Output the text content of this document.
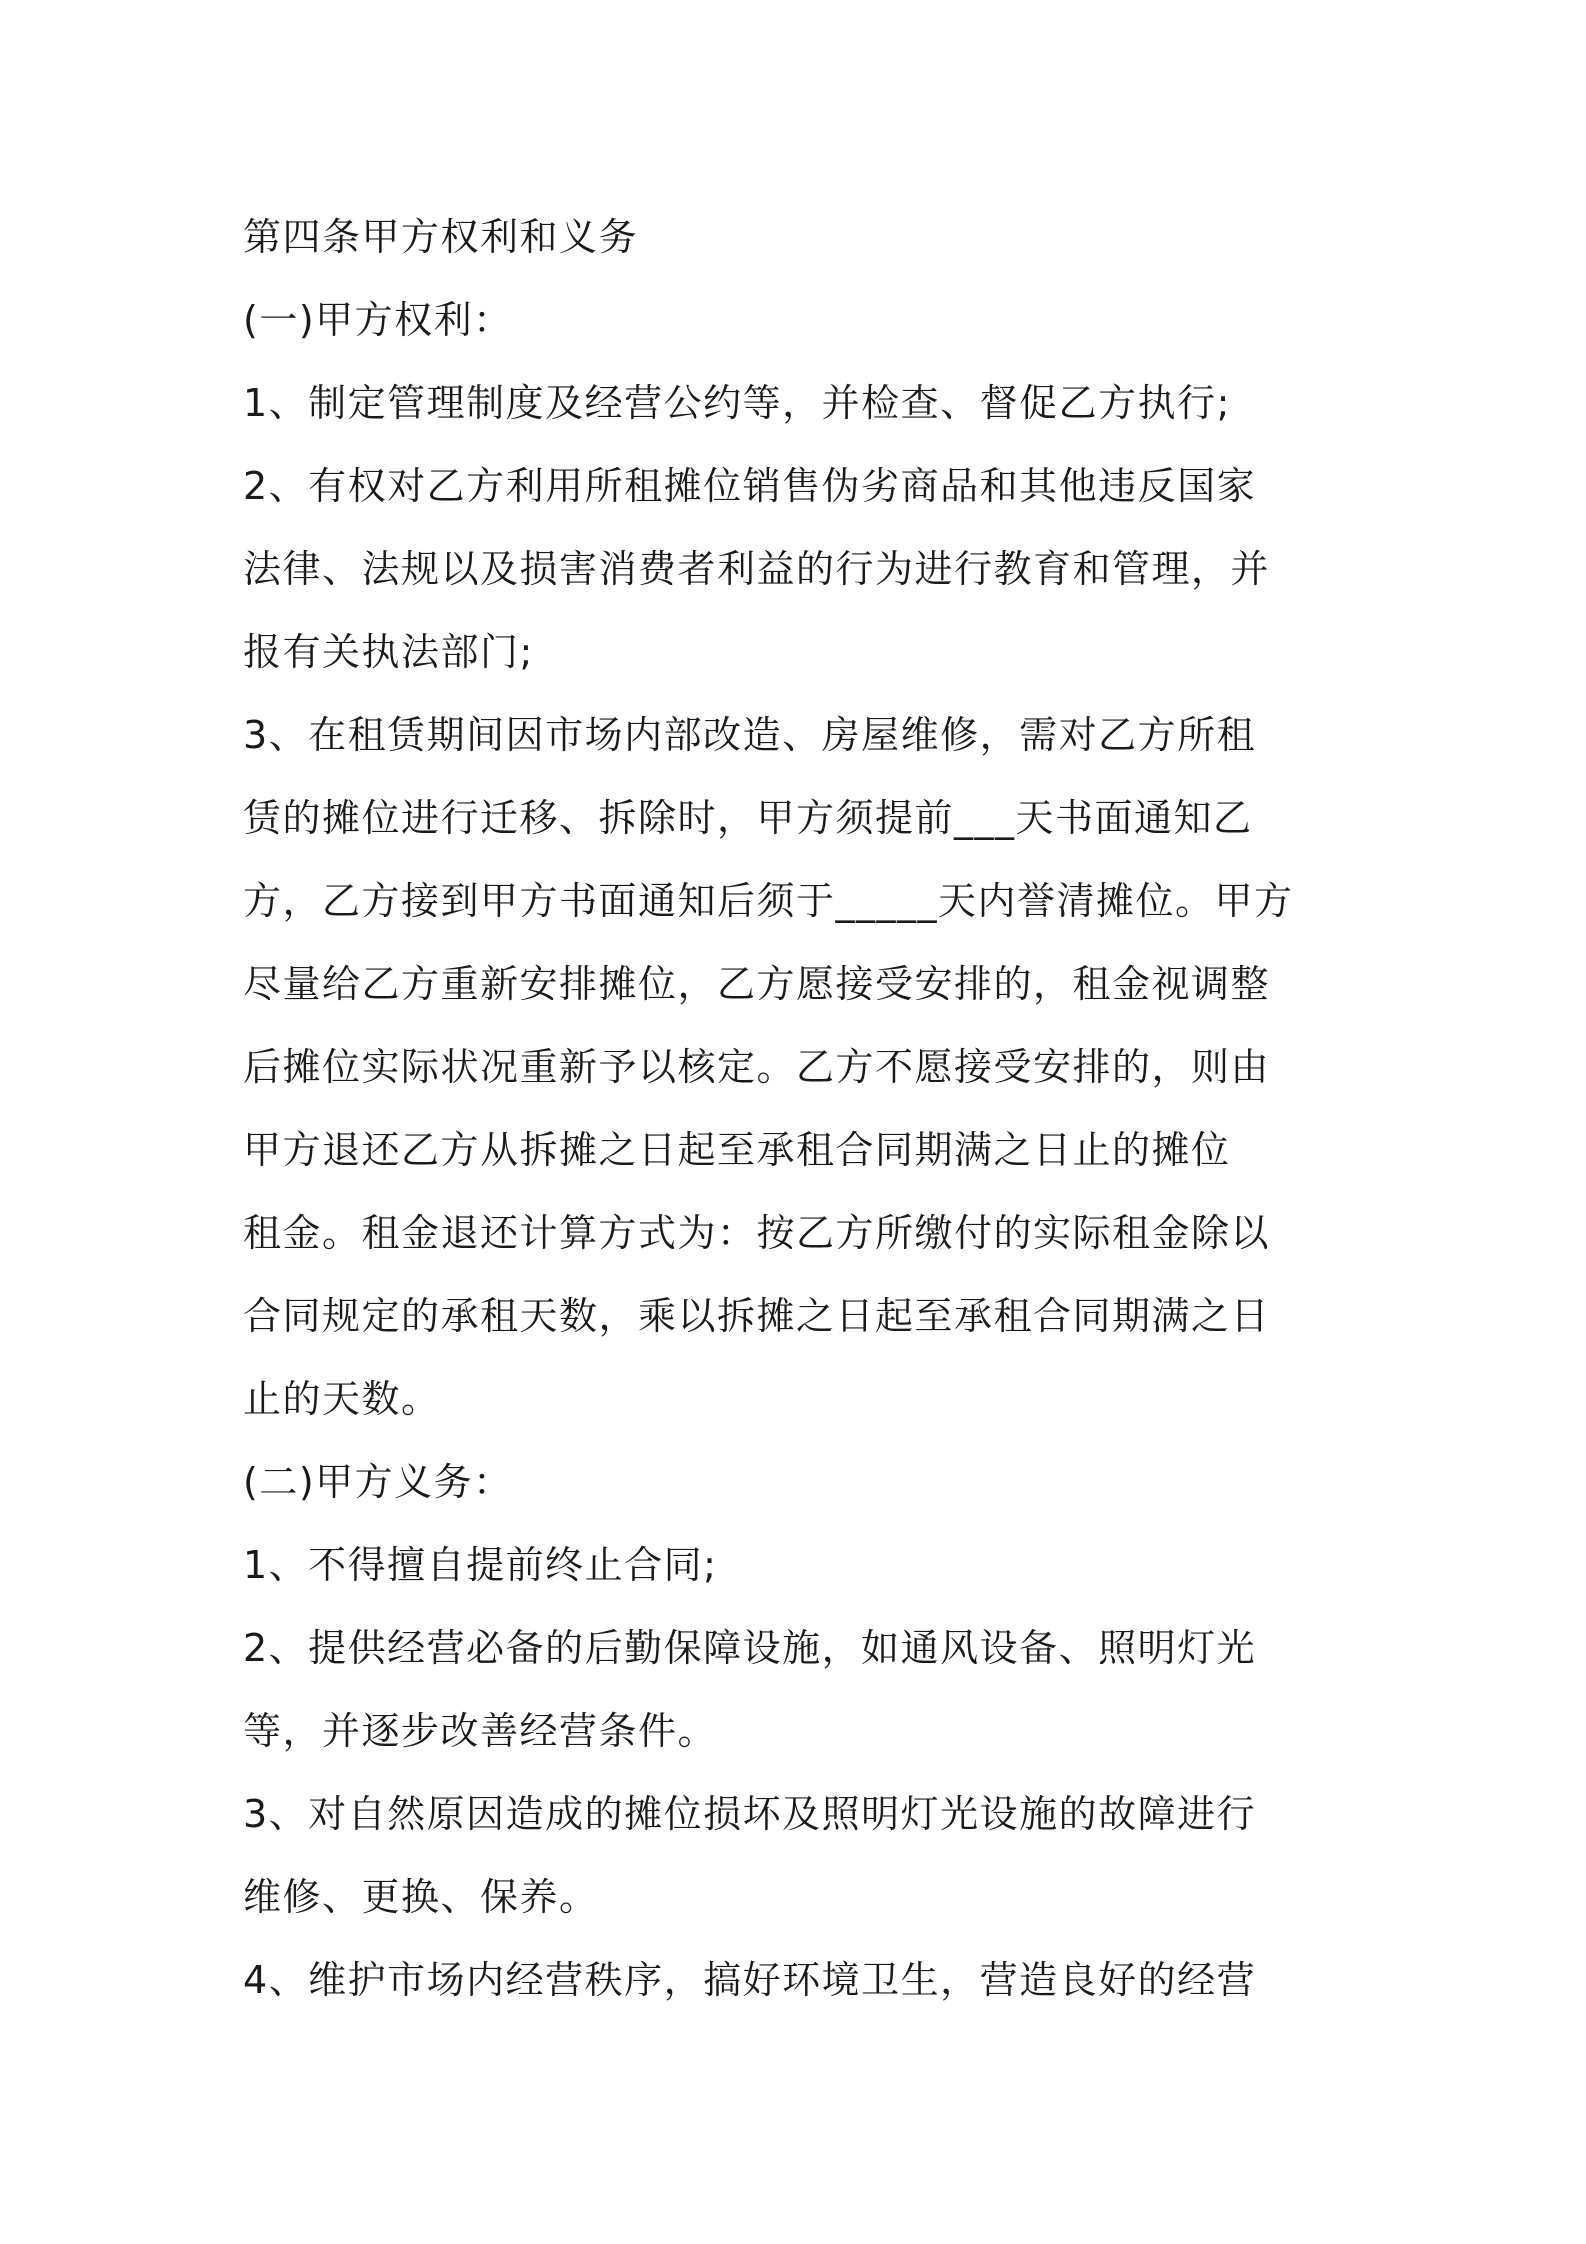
第四条甲方权利和义务
(一)甲方权利：
1、制定管理制度及经营公约等，并检查、督促乙方执行;
2、有权对乙方利用所租摊位销售伪劣商品和其他违反国家
法律、法规以及损害消费者利益的行为进行教育和管理，并
报有关执法部门;
3、在租赁期间因市场内部改造、房屋维修，需对乙方所租
赁的摊位进行迁移、拆除时，甲方须提前___天书面通知乙
方，乙方接到甲方书面通知后须于_____天内誉清摊位。甲方
尽量给乙方重新安排摊位，乙方愿接受安排的，租金视调整
后摊位实际状况重新予以核定。乙方不愿接受安排的，则由
甲方退还乙方从拆摊之日起至承租合同期满之日止的摊位
租金。租金退还计算方式为：按乙方所缴付的实际租金除以
合同规定的承租天数，乘以拆摊之日起至承租合同期满之日
止的天数。
(二)甲方义务：
1、不得擅自提前终止合同;
2、提供经营必备的后勤保障设施，如通风设备、照明灯光
等，并逐步改善经营条件。
3、对自然原因造成的摊位损坏及照明灯光设施的故障进行
维修、更换、保养。
4、维护市场内经营秩序，搞好环境卫生，营造良好的经营
